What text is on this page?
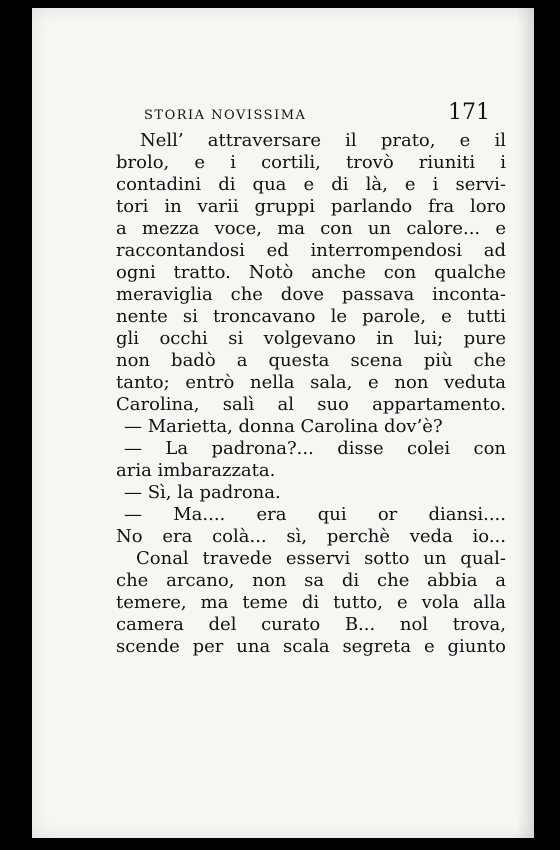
STORIA NOVISSIMA	171
Nell’ attraversare il prato, e il
brolo, e i cortili, trovò riuniti i
contadini di qua e di là, e i servi-
tori in varii gruppi parlando fra loro
a mezza voce, ma con un calore... e
raccontandosi ed interrompendosi ad
ogni tratto. Notò anche con qualche
meraviglia che dove passava inconta-
nente si troncavano le parole, e tutti
gli occhi si volgevano in lui; pure
non badò a questa scena più che
tanto; entrò nella sala, e non veduta
Carolina, salì al suo appartamento.
— Marietta, donna Carolina dov’è?
— La padrona?... disse colei con
aria imbarazzata.
— Sì, la padrona.
— Ma.... era qui or diansi....
No era colà... sì, perchè veda io...
Conal travede esservi sotto un qual-
che arcano, non sa di che abbia a
temere, ma teme di tutto, e vola alla
camera del curato B... nol trova,
scende per una scala segreta e giunto
